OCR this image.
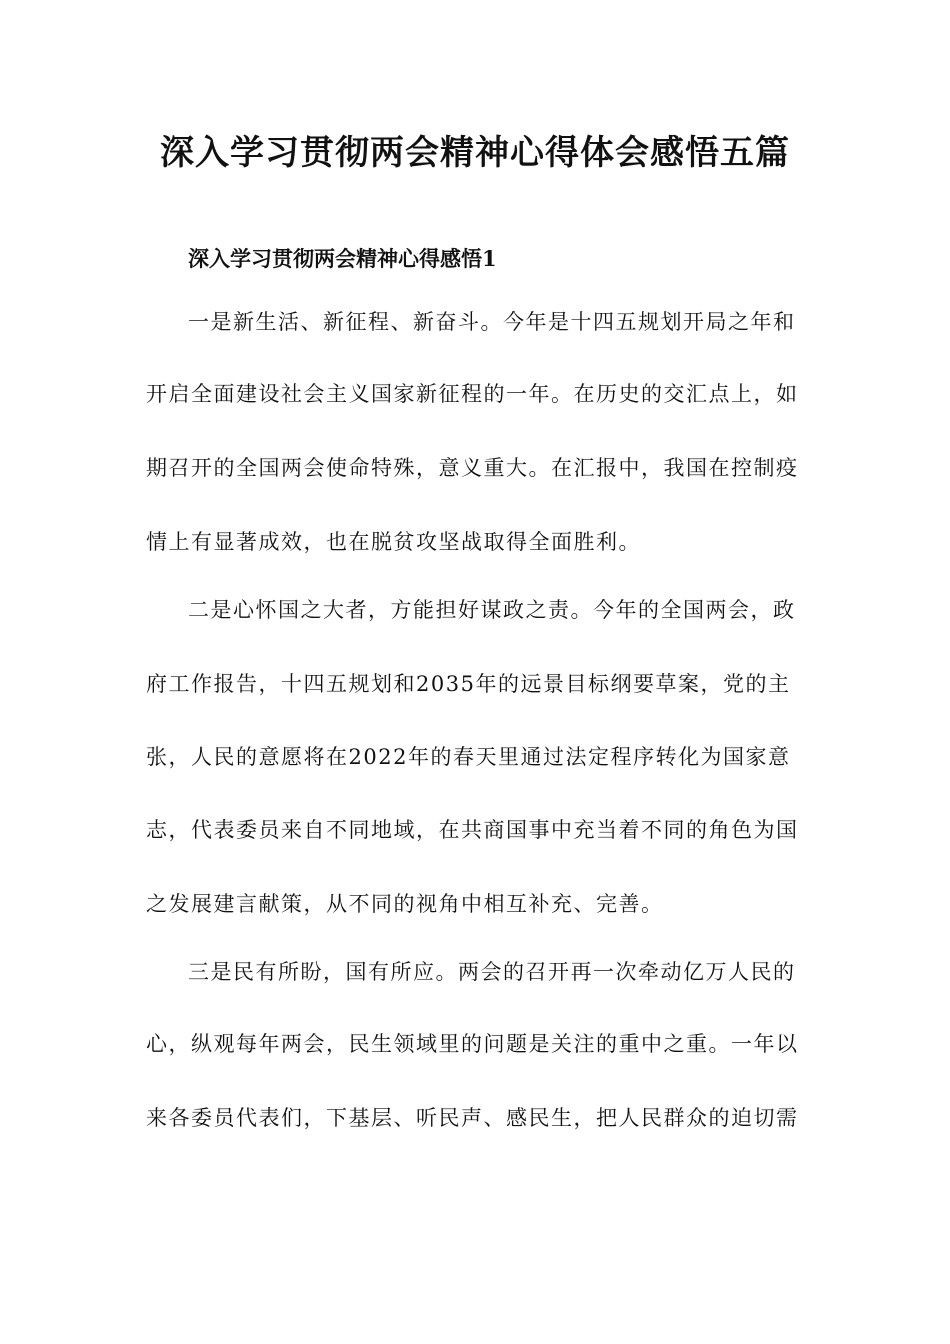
深入学习贯彻两会精神心得体会感悟五篇
深入学习贯彻两会精神心得感悟1

一是新生活、新征程、新奋斗。今年是十四五规划开局之年和

开启全面建设社会主义国家新征程的一年。在历史的交汇点上，如

期召开的全国两会使命特殊，意义重大。在汇报中，我国在控制疫

情上有显著成效，也在脱贫攻坚战取得全面胜利。

二是心怀国之大者，方能担好谋政之责。今年的全国两会，政

府工作报告，十四五规划和2035年的远景目标纲要草案，党的主

张，人民的意愿将在2022年的春天里通过法定程序转化为国家意

志，代表委员来自不同地域，在共商国事中充当着不同的角色为国

之发展建言献策，从不同的视角中相互补充、完善。

三是民有所盼，国有所应。两会的召开再一次牵动亿万人民的

心，纵观每年两会，民生领域里的问题是关注的重中之重。一年以

来各委员代表们，下基层、听民声、感民生，把人民群众的迫切需
